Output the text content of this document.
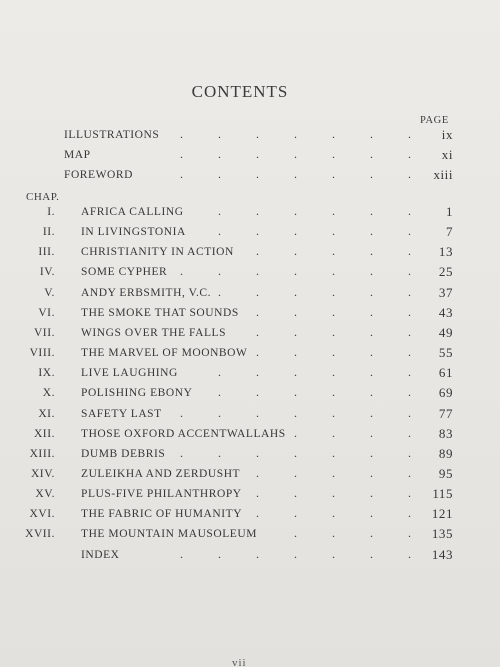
CONTENTS
PAGE
ILLUSTRATIONS .	.	.	.	.	.	. ix
MAP	.	.	.	.	.	.	. xi
FOREWORD	.	.	.	.	.	.	. xiii
CHAP.
I. AFRICA CALLING	.	.	.	.	.	.	1
II. IN LIVINGSTONIA	.	.	.	.	.	.	7
III. CHRISTIANITY IN ACTION .	.	.	.	. 13
IV. SOME CYPHER .	.	.	.	.	.	. 25
V. ANDY ERBSMITH, V.C. .	.	.	.	.	. 37
VI. THE SMOKE THAT SOUNDS .	.	.	.	. 43
VII. WINGS OVER THE FALLS .	.	.	.	. 49
VIII. THE MARVEL OF MOONBOW .	.	.	.	. 55
IX. LIVE LAUGHING	.	.	.	.	.	. 61
X. POLISHING EBONY .	.	.	.	.	. 69
XI. SAFETY LAST .	.	.	.	.	.	. 77
XII. THOSE OXFORD ACCENTWALLAHS .	.	.	. 83
XIII. DUMB DEBRIS .	.	.	.	.	.	. 89
XIV. ZULEIKHA AND ZERDUSHT .	.	.	.	. 95
XV. PLUS-FIVE PHILANTHROPY .	.	.	.	. 115
XVI. THE FABRIC OF HUMANITY .	.	.	.	. 121
XVII. THE MOUNTAIN MAUSOLEUM	.	.	.	. 135
INDEX	.	.	.	.	.	.	. 143
vii
